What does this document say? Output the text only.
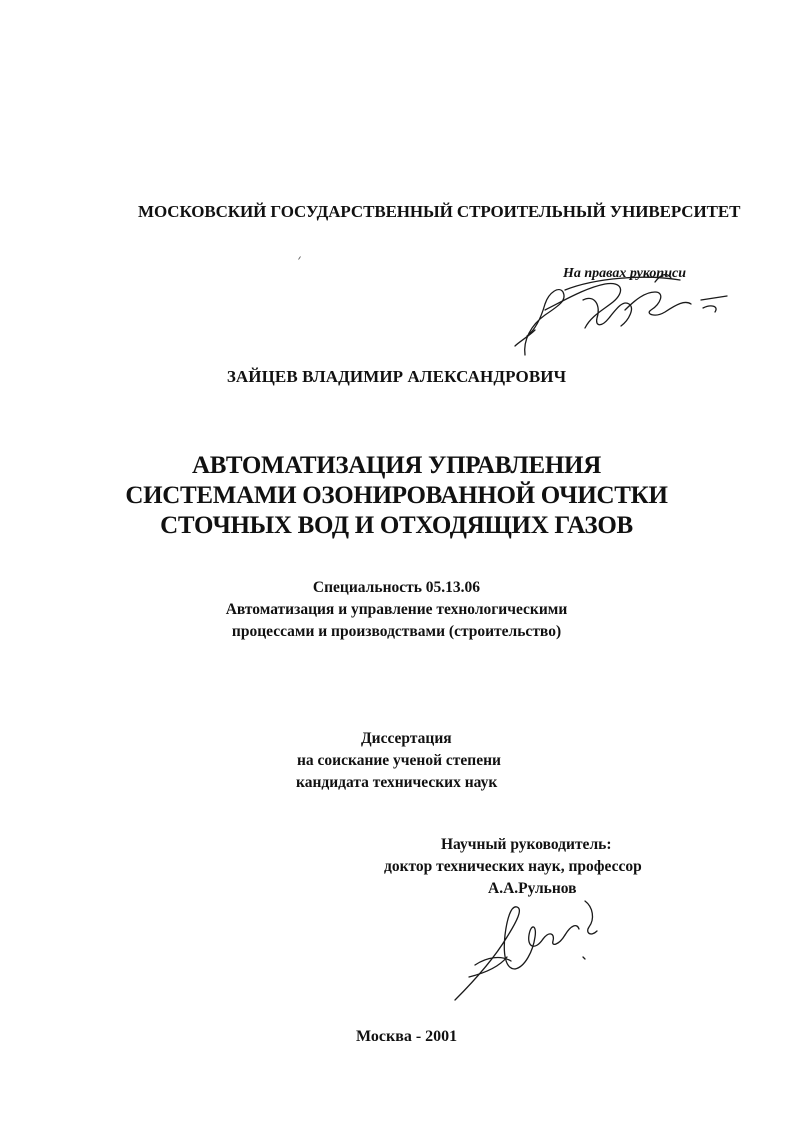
МОСКОВСКИЙ ГОСУДАРСТВЕННЫЙ СТРОИТЕЛЬНЫЙ УНИВЕРСИТЕТ
На правах рукописи
ЗАЙЦЕВ ВЛАДИМИР АЛЕКСАНДРОВИЧ
АВТОМАТИЗАЦИЯ УПРАВЛЕНИЯ
СИСТЕМАМИ ОЗОНИРОВАННОЙ ОЧИСТКИ
СТОЧНЫХ ВОД И ОТХОДЯЩИХ ГАЗОВ
Специальность 05.13.06
Автоматизация и управление технологическими
процессами и производствами (строительство)
Диссертация
на соискание ученой степени
кандидата технических наук
Научный руководитель:
доктор технических наук, профессор
А.А.Рульнов
Москва - 2001
